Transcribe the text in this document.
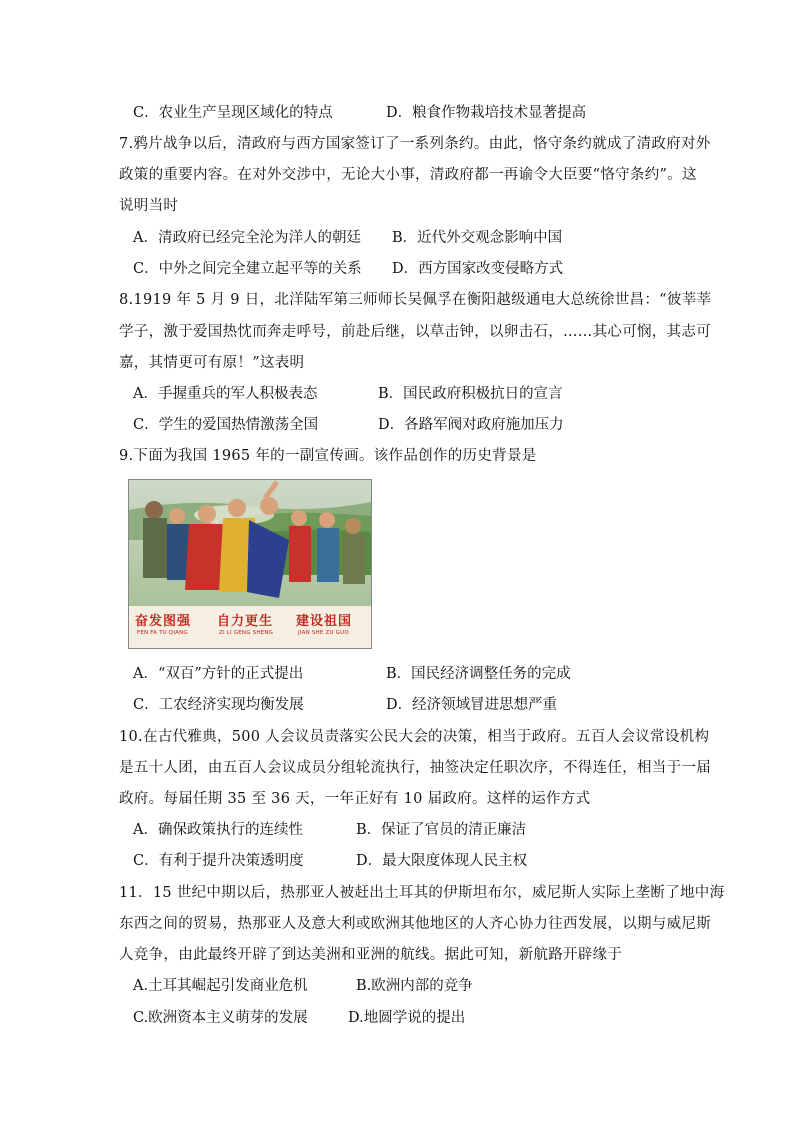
C．农业生产呈现区域化的特点	D．粮食作物栽培技术显著提高
7.鸦片战争以后，清政府与西方国家签订了一系列条约。由此，恪守条约就成了清政府对外
政策的重要内容。在对外交涉中，无论大小事，清政府都一再谕令大臣要“恪守条约”。这
说明当时
A．清政府已经完全沦为洋人的朝廷 B．近代外交观念影响中国
C．中外之间完全建立起平等的关系 D．西方国家改变侵略方式
8.1919 年 5 月 9 日，北洋陆军第三师师长吴佩孚在衡阳越级通电大总统徐世昌：“彼莘莘
学子，激于爱国热忱而奔走呼号，前赴后继，以草击钟，以卵击石，……其心可悯，其志可
嘉，其情更可有原！”这表明
A．手握重兵的军人积极表态	B．国民政府积极抗日的宣言
C．学生的爱国热情激荡全国	D．各路军阀对政府施加压力
9.下面为我国 1965 年的一副宣传画。该作品创作的历史背景是
奋发图强 自力更生 建设祖国
FEN FA TU QIANG	ZI LI GENG SHENG	JIAN SHE ZU GUO
A．“双百”方针的正式提出	B．国民经济调整任务的完成
C．工农经济实现均衡发展	D．经济领域冒进思想严重
10.在古代雅典，500 人会议员责落实公民大会的决策，相当于政府。五百人会议常设机构
是五十人团，由五百人会议成员分组轮流执行，抽签决定任职次序，不得连任，相当于一届
政府。每届任期 35 至 36 天，一年正好有 10 届政府。这样的运作方式
A．确保政策执行的连续性	B．保证了官员的清正廉洁
C．有利于提升决策透明度	D．最大限度体现人民主权
11．15 世纪中期以后，热那亚人被赶出土耳其的伊斯坦布尔，威尼斯人实际上垄断了地中海
东西之间的贸易，热那亚人及意大利或欧洲其他地区的人齐心协力往西发展，以期与威尼斯
人竞争，由此最终开辟了到达美洲和亚洲的航线。据此可知，新航路开辟缘于
A.土耳其崛起引发商业危机	B.欧洲内部的竞争
C.欧洲资本主义萌芽的发展	D.地圆学说的提出
